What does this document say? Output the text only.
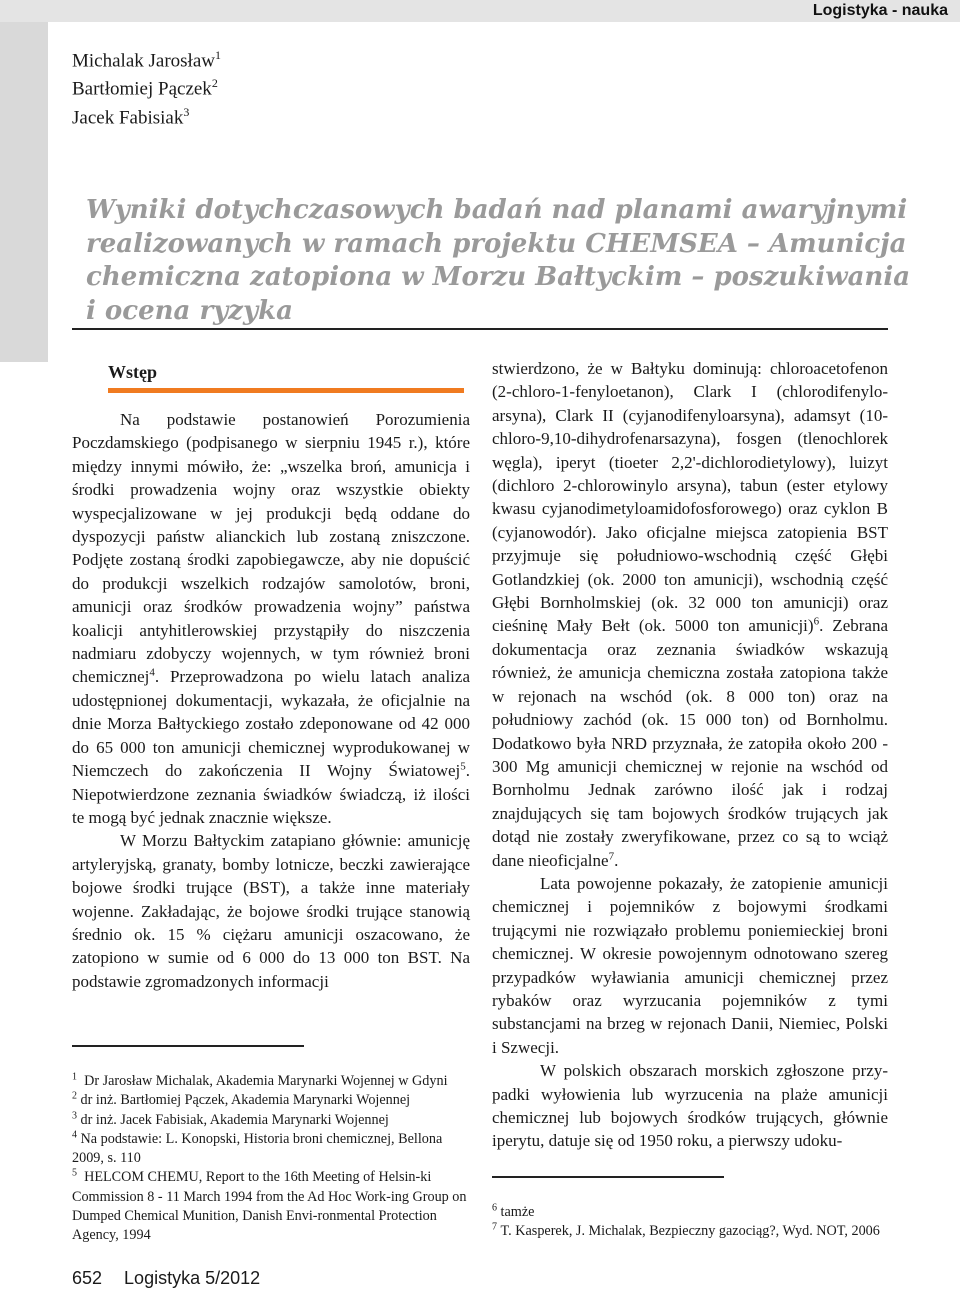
Logistyka - nauka
Michalak Jarosław$^1$
Bartłomiej Pączek$^2$
Jacek Fabisiak$^3$
Wyniki dotychczasowych badań nad planami awaryjnymi
realizowanych w ramach projektu CHEMSEA – Amunicja
chemiczna zatopiona w Morzu Bałtyckim – poszukiwania
i ocena ryzyka
Wstęp

Na podstawie postanowień Porozumienia Poczdamskiego (podpisanego w sierpniu 1945 r.), które między innymi mówiło, że: „wszelka broń, amunicja i środki prowadzenia wojny oraz wszystkie obiekty wyspecjalizowane w jej produkcji będą oddane do dyspozycji państw alianckich lub zostaną zniszczone. Podjęte zostaną środki zapobiegawcze, aby nie dopuścić do produkcji wszelkich rodzajów samolotów, broni, amunicji oraz środków prowadzenia wojny” państwa koalicji antyhitlerowskiej przystąpiły do niszczenia nadmiaru zdobyczy wojennych, w tym również broni chemicznej$^4$. Przeprowadzona po wielu latach analiza udostępnionej dokumentacji, wykazała, że oficjalnie na dnie Morza Bałtyckiego zostało zdeponowane od 42 000 do 65 000 ton amunicji chemicznej wyprodukowanej w Niemczech do zakończenia II Wojny Światowej$^5$. Niepotwierdzone zeznania świadków świadczą, iż ilości te mogą być jednak znacznie większe.

W Morzu Bałtyckim zatapiano głównie: amunicję artyleryjską, granaty, bomby lotnicze, beczki zawierające bojowe środki trujące (BST), a także inne materiały wojenne. Zakładając, że bojowe środki trujące stanowią średnio ok. 15 % ciężaru amunicji oszacowano, że zatopiono w sumie od 6 000 do 13 000 ton BST. Na podstawie zgromadzonych informacji

stwierdzono, że w Bałtyku dominują: chloroacetofenon (2-chloro-1-fenyloetanon), Clark I (chlorodifenylo-arsyna), Clark II (cyjanodifenyloarsyna), adamsyt (10-chloro-9,10-dihydrofenarsazyna), fosgen (tlenochlorek węgla), iperyt (tioeter 2,2'-dichlorodietylowy), luizyt (dichloro 2-chlorowinylo arsyna), tabun (ester etylowy kwasu cyjanodimetyloamidofosforowego) oraz cyklon B (cyjanowodór). Jako oficjalne miejsca zatopienia BST przyjmuje się południowo-wschodnią część Głębi Gotlandzkiej (ok. 2000 ton amunicji), wschodnią część Głębi Bornholmskiej (ok. 32 000 ton amunicji) oraz cieśninę Mały Bełt (ok. 5000 ton amunicji)$^6$. Zebrana dokumentacja oraz zeznania świadków wskazują również, że amunicja chemiczna została zatopiona także w rejonach na wschód (ok. 8 000 ton) oraz na południowy zachód (ok. 15 000 ton) od Bornholmu. Dodatkowo była NRD przyznała, że zatopiła około 200 - 300 Mg amunicji chemicznej w rejonie na wschód od Bornholmu Jednak zarówno ilość jak i rodzaj znajdujących się tam bojowych środków trujących jak dotąd nie zostały zweryfikowane, przez co są to wciąż dane nieoficjalne$^7$.

Lata powojenne pokazały, że zatopienie amunicji chemicznej i pojemników z bojowymi środkami trującymi nie rozwiązało problemu poniemieckiej broni chemicznej. W okresie powojennym odnotowano szereg przypadków wyławiania amunicji chemicznej przez rybaków oraz wyrzucania pojemników z tymi substancjami na brzeg w rejonach Danii, Niemiec, Polski i Szwecji.

W polskich obszarach morskich zgłoszone przy-padki wyłowienia lub wyrzucenia na plaże amunicji chemicznej lub bojowych środków trujących, głównie iperytu, datuje się od 1950 roku, a pierwszy udoku-

$^1$ Dr Jarosław Michalak, Akademia Marynarki Wojennej w Gdyni

$^2$ dr inż. Bartłomiej Pączek, Akademia Marynarki Wojennej

$^3$ dr inż. Jacek Fabisiak, Akademia Marynarki Wojennej

$^4$ Na podstawie: L. Konopski, Historia broni chemicznej, Bellona 2009, s. 110

$^5$ HELCOM CHEMU, Report to the 16th Meeting of Helsin-ki Commission 8 - 11 March 1994 from the Ad Hoc Work-ing Group on Dumped Chemical Munition, Danish Envi-ronmental Protection Agency, 1994

$^6$ tamże

$^7$ T. Kasperek, J. Michalak, Bezpieczny gazociąg?, Wyd. NOT, 2006

652 Logistyka 5/2012
